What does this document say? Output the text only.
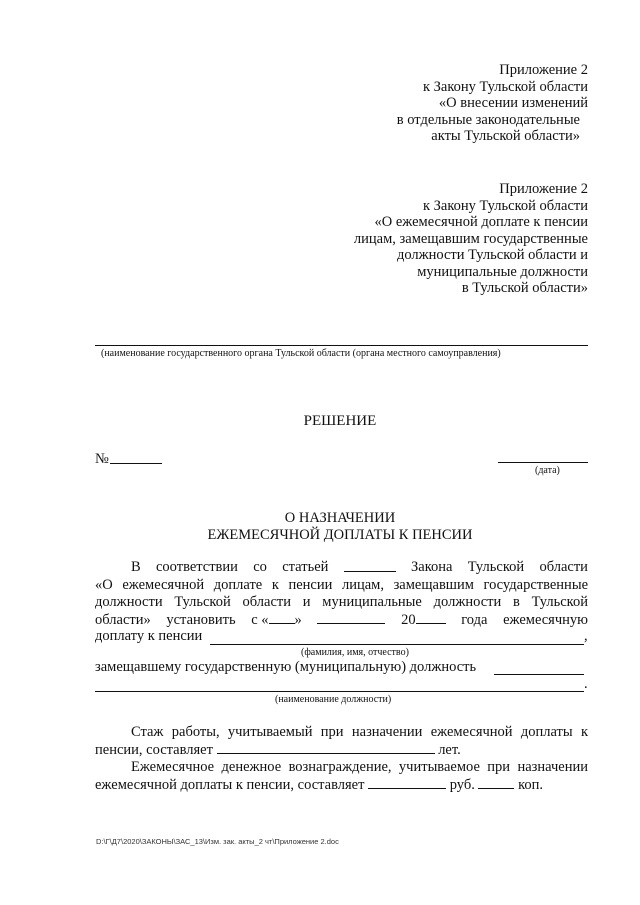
Приложение 2
к Закону Тульской области
«О внесении изменений
в отдельные законодательные
акты Тульской области»
Приложение 2
к Закону Тульской области
«О ежемесячной доплате к пенсии
лицам, замещавшим государственные
должности Тульской области и
муниципальные должности
в Тульской области»
(наименование государственного органа Тульской области (органа местного самоуправления)
РЕШЕНИЕ
№
(дата)
О НАЗНАЧЕНИИ
ЕЖЕМЕСЯЧНОЙ ДОПЛАТЫ К ПЕНСИИ
В соответствии со статьей	Закона Тульской области
«О ежемесячной доплате к пенсии лицам, замещавшим государственные
должности Тульской области и муниципальные должности в Тульской
области» установить с « »	20	года ежемесячную
доплату к пенсии	,
(фамилия, имя, отчество)
замещавшему государственную (муниципальную) должность
.
(наименование должности)
Стаж работы, учитываемый при назначении ежемесячной доплаты к
пенсии, составляет	лет.
Ежемесячное денежное вознаграждение, учитываемое при назначении
ежемесячной доплаты к пенсии, составляет	руб.	коп.
D:\Г\Д7\2020\ЗАКОНЫ\ЗАС_13\Изм. зак. акты_2 чт\Приложение 2.doc
